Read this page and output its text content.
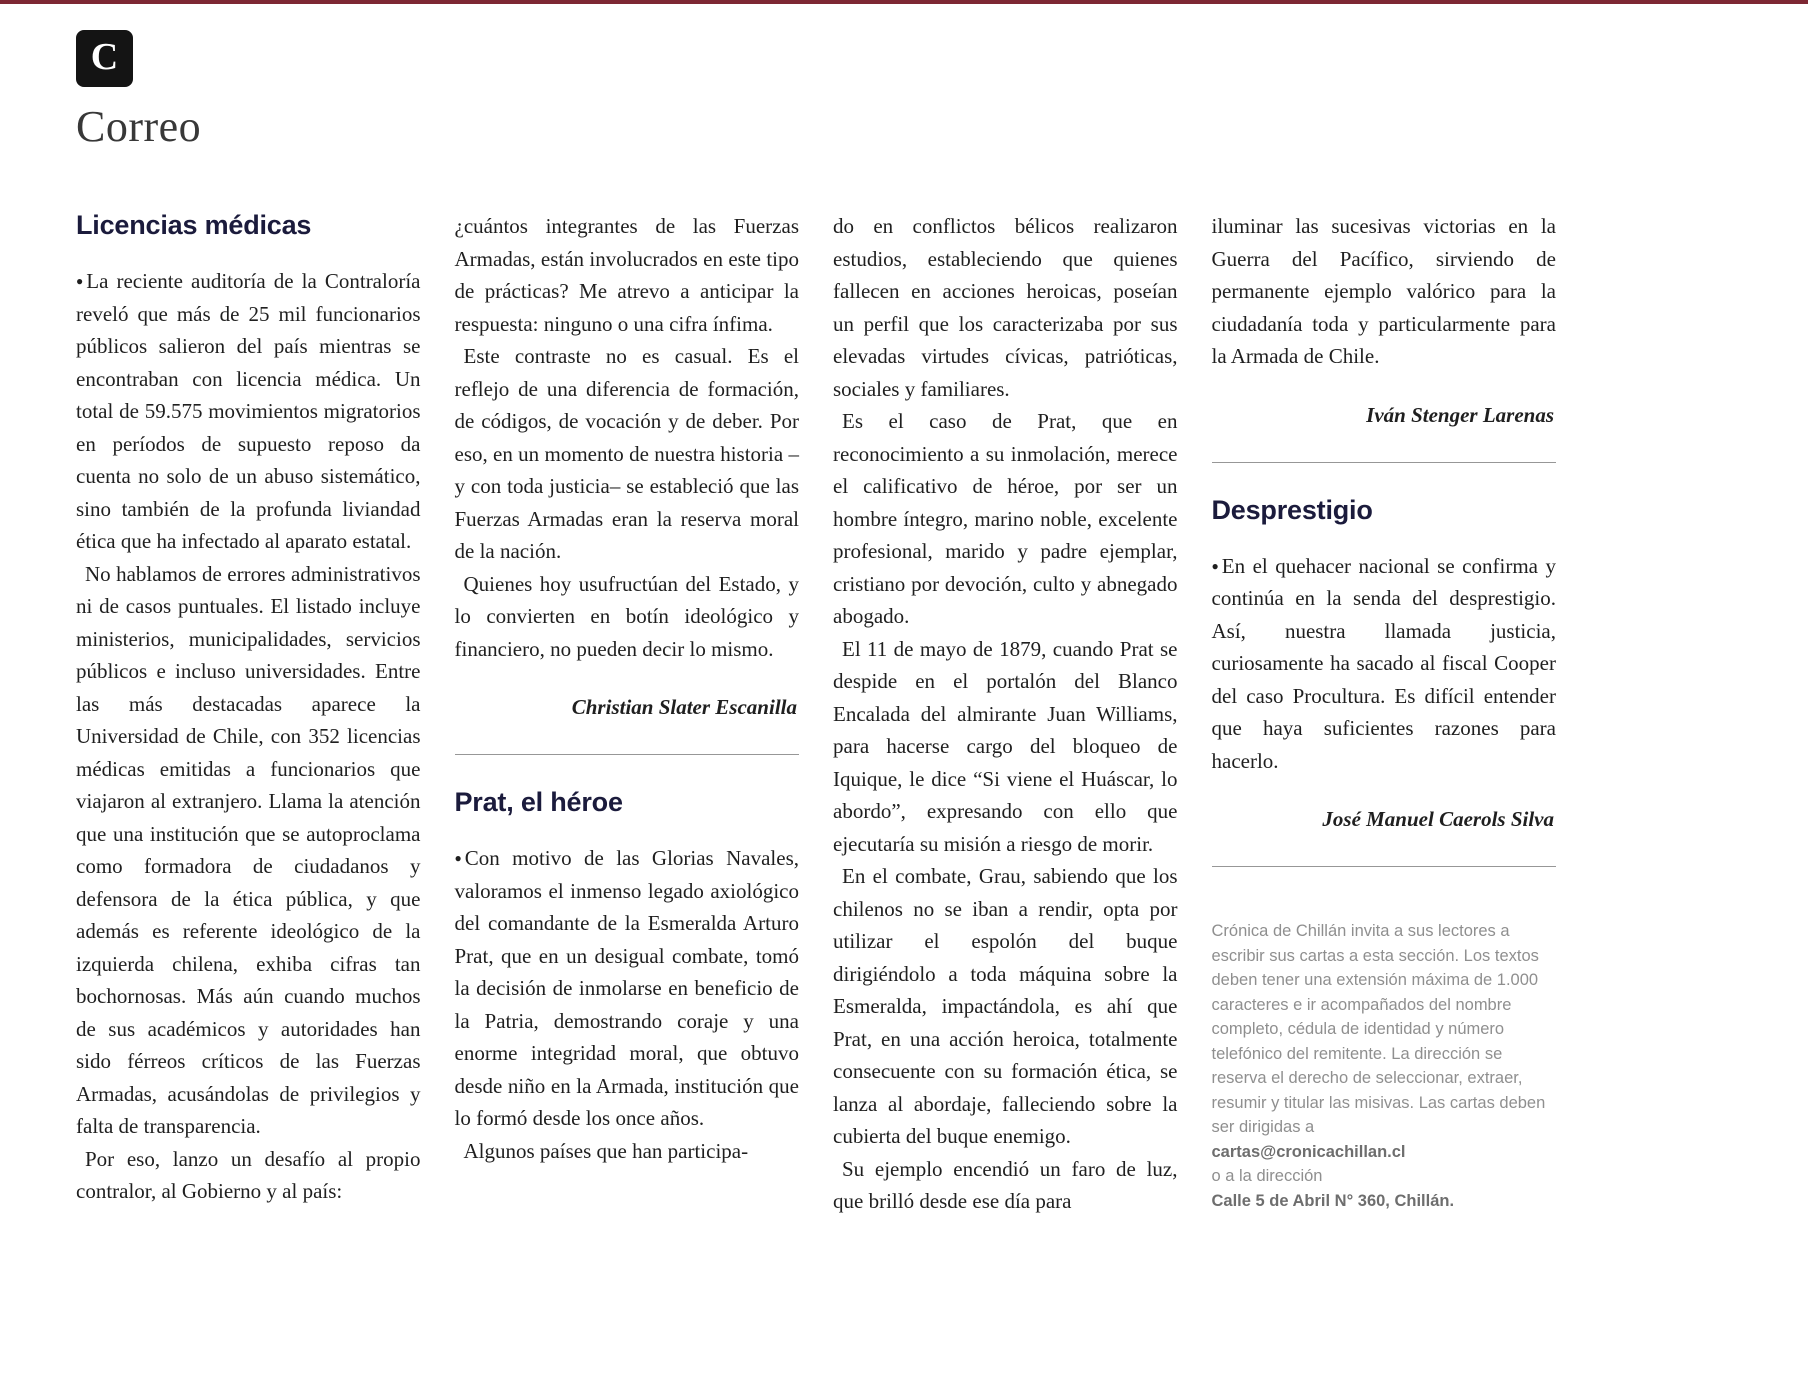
C
Correo
Licencias médicas
● La reciente auditoría de la Contraloría reveló que más de 25 mil funcionarios públicos salieron del país mientras se encontraban con licencia médica. Un total de 59.575 movimientos migratorios en períodos de supuesto reposo da cuenta no solo de un abuso sistemático, sino también de la profunda liviandad ética que ha infectado al aparato estatal.
No hablamos de errores administrativos ni de casos puntuales. El listado incluye ministerios, municipalidades, servicios públicos e incluso universidades. Entre las más destacadas aparece la Universidad de Chile, con 352 licencias médicas emitidas a funcionarios que viajaron al extranjero. Llama la atención que una institución que se autoproclama como formadora de ciudadanos y defensora de la ética pública, y que además es referente ideológico de la izquierda chilena, exhiba cifras tan bochornosas. Más aún cuando muchos de sus académicos y autoridades han sido férreos críticos de las Fuerzas Armadas, acusándolas de privilegios y falta de transparencia.
Por eso, lanzo un desafío al propio contralor, al Gobierno y al país:
¿cuántos integrantes de las Fuerzas Armadas, están involucrados en este tipo de prácticas? Me atrevo a anticipar la respuesta: ninguno o una cifra ínfima.
Este contraste no es casual. Es el reflejo de una diferencia de formación, de códigos, de vocación y de deber. Por eso, en un momento de nuestra historia –y con toda justicia– se estableció que las Fuerzas Armadas eran la reserva moral de la nación.
Quienes hoy usufructúan del Estado, y lo convierten en botín ideológico y financiero, no pueden decir lo mismo.
Christian Slater Escanilla
Prat, el héroe
● Con motivo de las Glorias Navales, valoramos el inmenso legado axiológico del comandante de la Esmeralda Arturo Prat, que en un desigual combate, tomó la decisión de inmolarse en beneficio de la Patria, demostrando coraje y una enorme integridad moral, que obtuvo desde niño en la Armada, institución que lo formó desde los once años.
Algunos países que han participa-
do en conflictos bélicos realizaron estudios, estableciendo que quienes fallecen en acciones heroicas, poseían un perfil que los caracterizaba por sus elevadas virtudes cívicas, patrióticas, sociales y familiares.
Es el caso de Prat, que en reconocimiento a su inmolación, merece el calificativo de héroe, por ser un hombre íntegro, marino noble, excelente profesional, marido y padre ejemplar, cristiano por devoción, culto y abnegado abogado.
El 11 de mayo de 1879, cuando Prat se despide en el portalón del Blanco Encalada del almirante Juan Williams, para hacerse cargo del bloqueo de Iquique, le dice “Si viene el Huáscar, lo abordo”, expresando con ello que ejecutaría su misión a riesgo de morir.
En el combate, Grau, sabiendo que los chilenos no se iban a rendir, opta por utilizar el espolón del buque dirigiéndolo a toda máquina sobre la Esmeralda, impactándola, es ahí que Prat, en una acción heroica, totalmente consecuente con su formación ética, se lanza al abordaje, falleciendo sobre la cubierta del buque enemigo.
Su ejemplo encendió un faro de luz, que brilló desde ese día para
iluminar las sucesivas victorias en la Guerra del Pacífico, sirviendo de permanente ejemplo valórico para la ciudadanía toda y particularmente para la Armada de Chile.
Iván Stenger Larenas
Desprestigio
● En el quehacer nacional se confirma y continúa en la senda del desprestigio. Así, nuestra llamada justicia, curiosamente ha sacado al fiscal Cooper del caso Procultura. Es difícil entender que haya suficientes razones para hacerlo.
José Manuel Caerols Silva
Crónica de Chillán invita a sus lectores a escribir sus cartas a esta sección. Los textos deben tener una extensión máxima de 1.000 caracteres e ir acompañados del nombre completo, cédula de identidad y número telefónico del remitente. La dirección se reserva el derecho de seleccionar, extraer, resumir y titular las misivas. Las cartas deben ser dirigidas a
cartas@cronicachillan.cl
o a la dirección
Calle 5 de Abril N° 360, Chillán.
